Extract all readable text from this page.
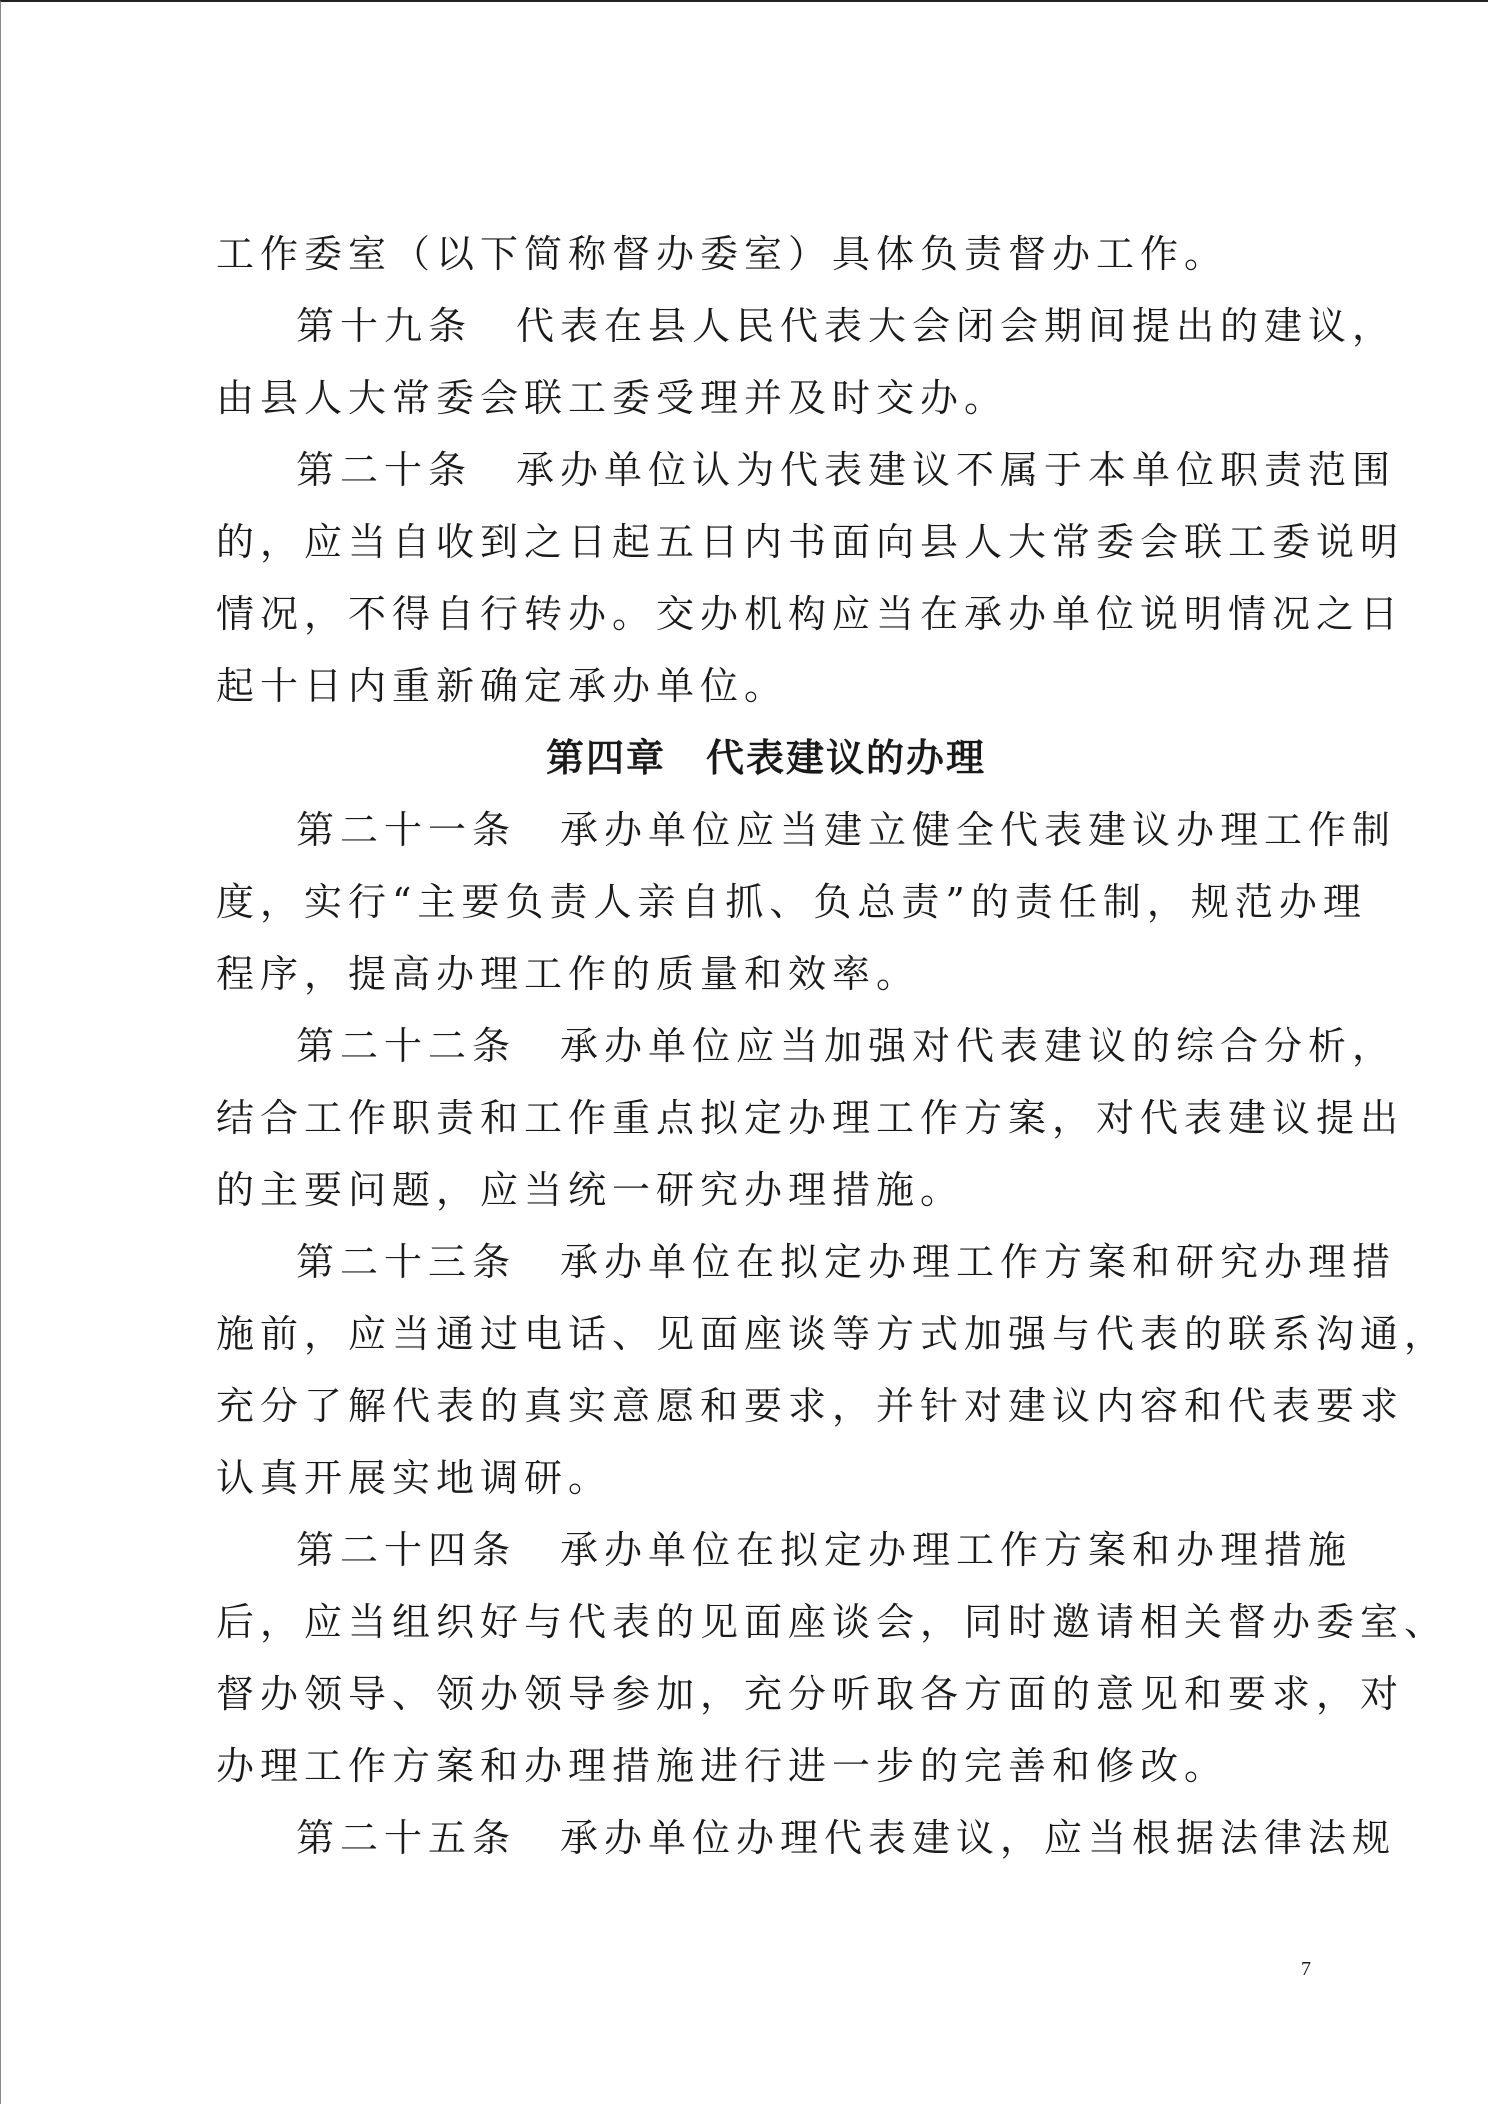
工作委室（以下简称督办委室）具体负责督办工作。
第十九条　代表在县人民代表大会闭会期间提出的建议，
由县人大常委会联工委受理并及时交办。
第二十条　承办单位认为代表建议不属于本单位职责范围
的，应当自收到之日起五日内书面向县人大常委会联工委说明
情况，不得自行转办。交办机构应当在承办单位说明情况之日
起十日内重新确定承办单位。
第四章　代表建议的办理
第二十一条　承办单位应当建立健全代表建议办理工作制
度，实行“主要负责人亲自抓、负总责”的责任制，规范办理
程序，提高办理工作的质量和效率。
第二十二条　承办单位应当加强对代表建议的综合分析，
结合工作职责和工作重点拟定办理工作方案，对代表建议提出
的主要问题，应当统一研究办理措施。
第二十三条　承办单位在拟定办理工作方案和研究办理措
施前，应当通过电话、见面座谈等方式加强与代表的联系沟通，
充分了解代表的真实意愿和要求，并针对建议内容和代表要求
认真开展实地调研。
第二十四条　承办单位在拟定办理工作方案和办理措施
后，应当组织好与代表的见面座谈会，同时邀请相关督办委室、
督办领导、领办领导参加，充分听取各方面的意见和要求，对
办理工作方案和办理措施进行进一步的完善和修改。
第二十五条　承办单位办理代表建议，应当根据法律法规
7
